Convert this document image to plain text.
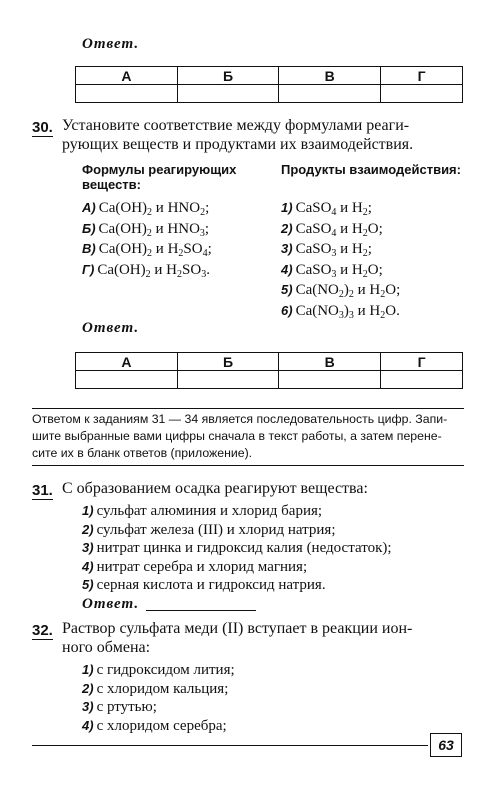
Ответ.
А	Б	В	Г

30. Установите соответствие между формулами реаги-
рующих веществ и продуктами их взаимодействия.
Формулы реагирующих
веществ:
Продукты взаимодействия:
А) $Ca(OH)_2$ и $HNO_2$;
Б) $Ca(OH)_2$ и $HNO_3$;
В) $Ca(OH)_2$ и $H_2SO_4$;
Г) $Ca(OH)_2$ и $H_2SO_3$.
1) CaSO$_4$ и $H_2$;
2) CaSO$_4$ и $H_2O$;
3) CaSO$_3$ и $H_2$;
4) CaSO$_3$ и $H_2O$;
5) $Ca(NO_2)_2$ и $H_2O$;
6) $Ca(NO_3)_3$ и $H_2O$.
Ответ.
А	Б	В	Г

Ответом к заданиям 31 — 34 является последовательность цифр. Запи-
шите выбранные вами цифры сначала в текст работы, а затем перене-
сите их в бланк ответов (приложение).
31. С образованием осадка реагируют вещества:
1) сульфат алюминия и хлорид бария;
2) сульфат железа (III) и хлорид натрия;
3) нитрат цинка и гидроксид калия (недостаток);
4) нитрат серебра и хлорид магния;
5) серная кислота и гидроксид натрия.
Ответ.
32. Раствор сульфата меди (II) вступает в реакции ион-
ного обмена:
1) с гидроксидом лития;
2) с хлоридом кальция;
3) с ртутью;
4) с хлоридом серебра;
63
